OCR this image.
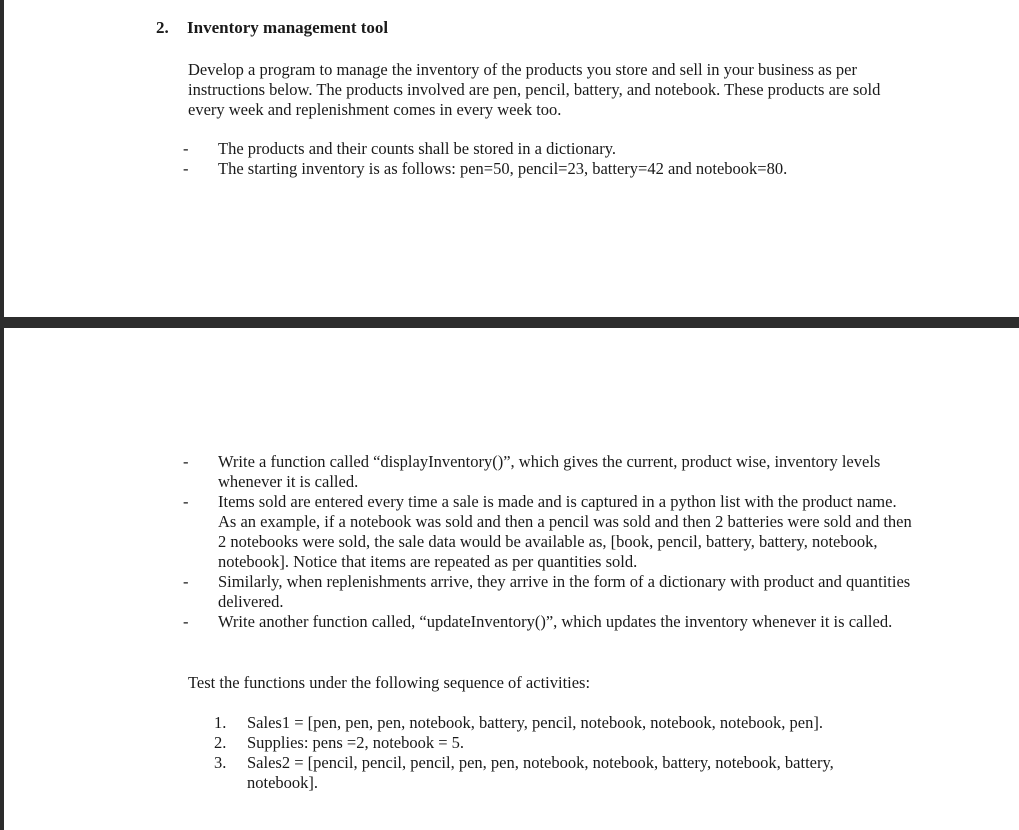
2. Inventory management tool

Develop a program to manage the inventory of the products you store and sell in your business as per instructions below. The products involved are pen, pencil, battery, and notebook. These products are sold every week and replenishment comes in every week too.

- The products and their counts shall be stored in a dictionary.
- The starting inventory is as follows: pen=50, pencil=23, battery=42 and notebook=80.
- Write a function called “displayInventory()”, which gives the current, product wise, inventory levels whenever it is called.
- Items sold are entered every time a sale is made and is captured in a python list with the product name. As an example, if a notebook was sold and then a pencil was sold and then 2 batteries were sold and then 2 notebooks were sold, the sale data would be available as, [book, pencil, battery, battery, notebook, notebook]. Notice that items are repeated as per quantities sold.
- Similarly, when replenishments arrive, they arrive in the form of a dictionary with product and quantities delivered.
- Write another function called, “updateInventory()”, which updates the inventory whenever it is called.

Test the functions under the following sequence of activities:

1. Sales1 = [pen, pen, pen, notebook, battery, pencil, notebook, notebook, notebook, pen].
2. Supplies: pens =2, notebook = 5.
3. Sales2 = [pencil, pencil, pencil, pen, pen, notebook, notebook, battery, notebook, battery, notebook].
